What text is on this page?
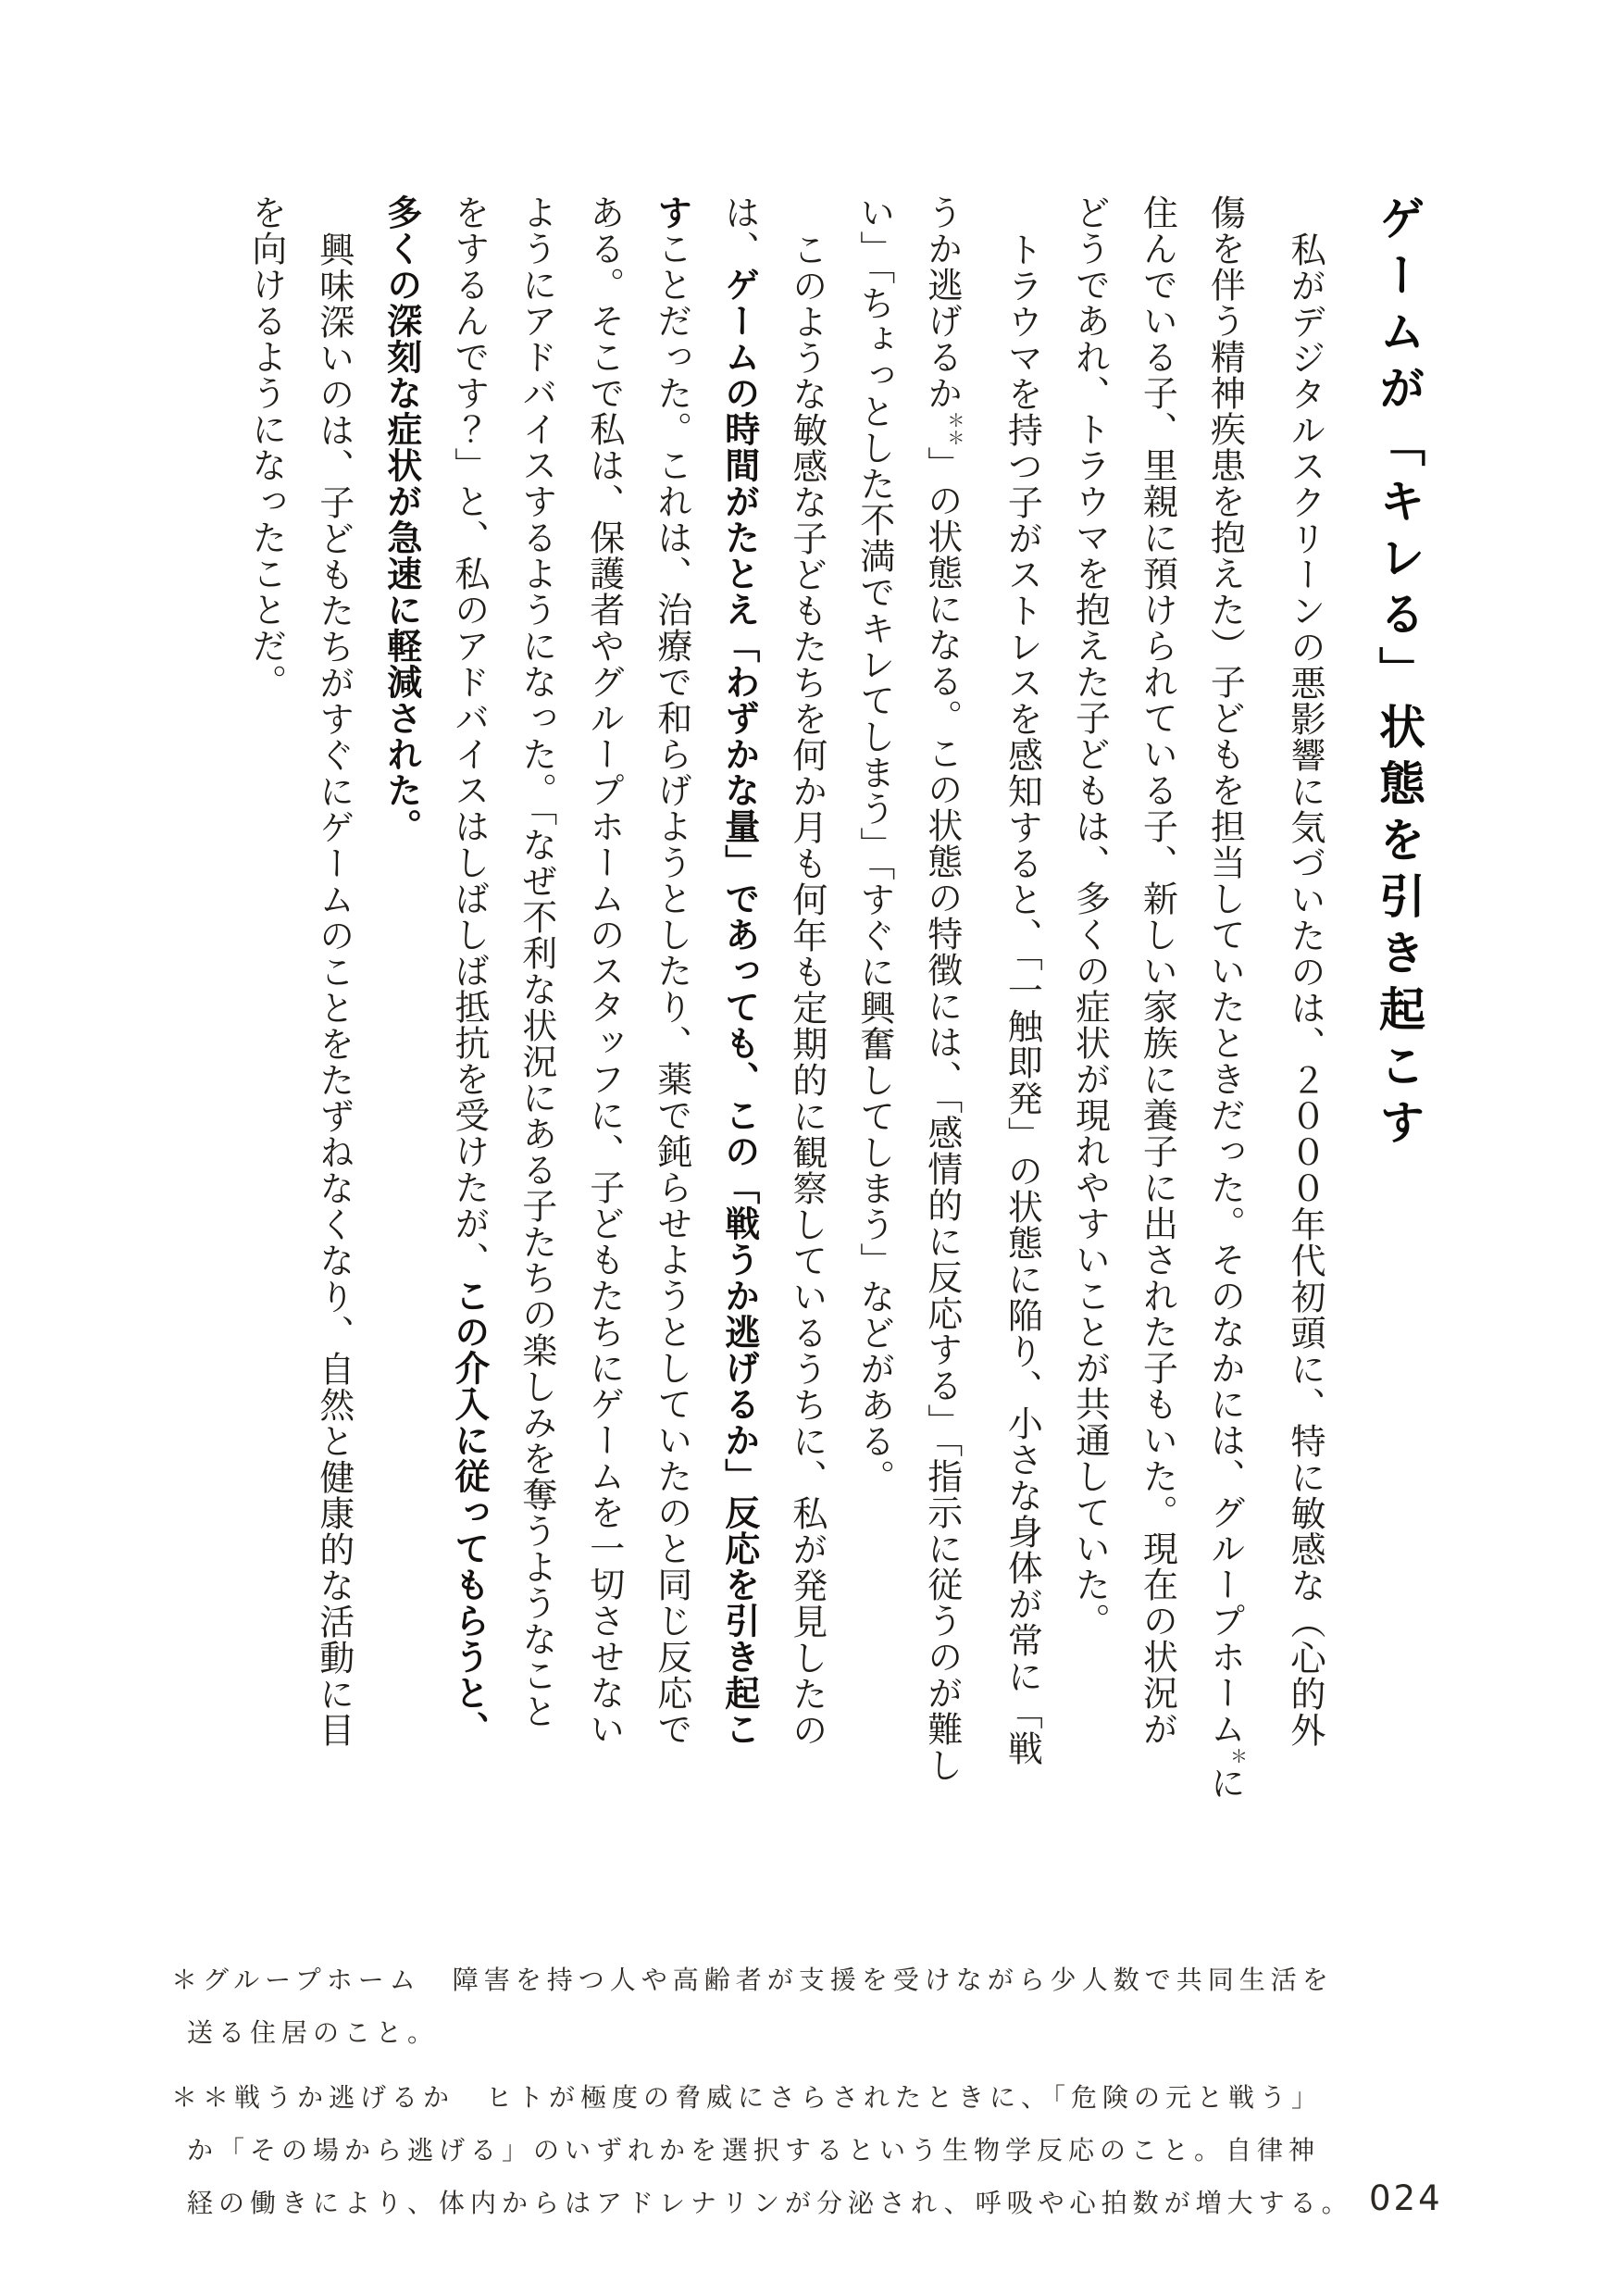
ゲームが「キレる」状態を引き起こす

私がデジタルスクリーンの悪影響に気づいたのは、２０００年代初頭に、特に敏感な（心的外
傷を伴う精神疾患を抱えた）子どもを担当していたときだった。そのなかには、グループホーム＊に
住んでいる子、里親に預けられている子、新しい家族に養子に出された子もいた。現在の状況が
どうであれ、トラウマを抱えた子どもは、多くの症状が現れやすいことが共通していた。

トラウマを持つ子がストレスを感知すると、「一触即発」の状態に陥り、小さな身体が常に「戦
うか逃げるか＊＊」の状態になる。この状態の特徴には、「感情的に反応する」「指示に従うのが難し
い」「ちょっとした不満でキレてしまう」「すぐに興奮してしまう」などがある。

このような敏感な子どもたちを何か月も何年も定期的に観察しているうちに、私が発見したの
は、ゲームの時間がたとえ「わずかな量」であっても、この「戦うか逃げるか」反応を引き起こ
すことだった。これは、治療で和らげようとしたり、薬で鈍らせようとしていたのと同じ反応で
ある。そこで私は、保護者やグループホームのスタッフに、子どもたちにゲームを一切させない
ようにアドバイスするようになった。「なぜ不利な状況にある子たちの楽しみを奪うようなこと
をするんです？」と、私のアドバイスはしばしば抵抗を受けたが、この介入に従ってもらうと、
多くの深刻な症状が急速に軽減された。

興味深いのは、子どもたちがすぐにゲームのことをたずねなくなり、自然と健康的な活動に目
を向けるようになったことだ。

＊グループホーム　障害を持つ人や高齢者が支援を受けながら少人数で共同生活を
送る住居のこと。

＊＊戦うか逃げるか　ヒトが極度の脅威にさらされたときに、「危険の元と戦う」
か「その場から逃げる」のいずれかを選択するという生物学反応のこと。自律神
経の働きにより、体内からはアドレナリンが分泌され、呼吸や心拍数が増大する。 024
